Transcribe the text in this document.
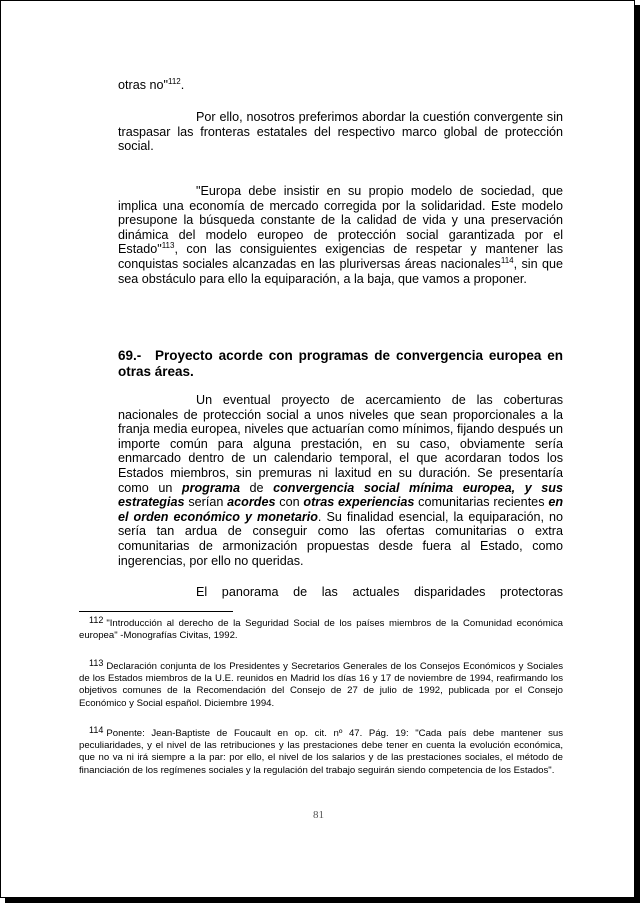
otras no"$^{112}$.

Por ello, nosotros preferimos abordar la cuestión convergente sin traspasar las fronteras estatales del respectivo marco global de protección social.

"Europa debe insistir en su propio modelo de sociedad, que implica una economía de mercado corregida por la solidaridad. Este modelo presupone la búsqueda constante de la calidad de vida y una preservación dinámica del modelo europeo de protección social garantizada por el Estado"$^{113}$, con las consiguientes exigencias de respetar y mantener las conquistas sociales alcanzadas en las pluriversas áreas nacionales$^{114}$, sin que sea obstáculo para ello la equiparación, a la baja, que vamos a proponer.

69.- Proyecto acorde con programas de convergencia europea en otras áreas.

Un eventual proyecto de acercamiento de las coberturas nacionales de protección social a unos niveles que sean proporcionales a la franja media europea, niveles que actuarían como mínimos, fijando después un importe común para alguna prestación, en su caso, obviamente sería enmarcado dentro de un calendario temporal, el que acordaran todos los Estados miembros, sin premuras ni laxitud en su duración. Se presentaría como un programa de convergencia social mínima europea, y sus estrategias serían acordes con otras experiencias comunitarias recientes en el orden económico y monetario. Su finalidad esencial, la equiparación, no sería tan ardua de conseguir como las ofertas comunitarias o extra comunitarias de armonización propuestas desde fuera al Estado, como ingerencias, por ello no queridas.

El panorama de las actuales disparidades protectoras

112 "Introducción al derecho de la Seguridad Social de los países miembros de la Comunidad económica europea" -Monografías Civitas, 1992.
113 Declaración conjunta de los Presidentes y Secretarios Generales de los Consejos Económicos y Sociales de los Estados miembros de la U.E. reunidos en Madrid los días 16 y 17 de noviembre de 1994, reafirmando los objetivos comunes de la Recomendación del Consejo de 27 de julio de 1992, publicada por el Consejo Económico y Social español. Diciembre 1994.
114 Ponente: Jean-Baptiste de Foucault en op. cit. nº 47. Pág. 19: "Cada país debe mantener sus peculiaridades, y el nivel de las retribuciones y las prestaciones debe tener en cuenta la evolución económica, que no va ni irá siempre a la par: por ello, el nivel de los salarios y de las prestaciones sociales, el método de financiación de los regímenes sociales y la regulación del trabajo seguirán siendo competencia de los Estados".
81
